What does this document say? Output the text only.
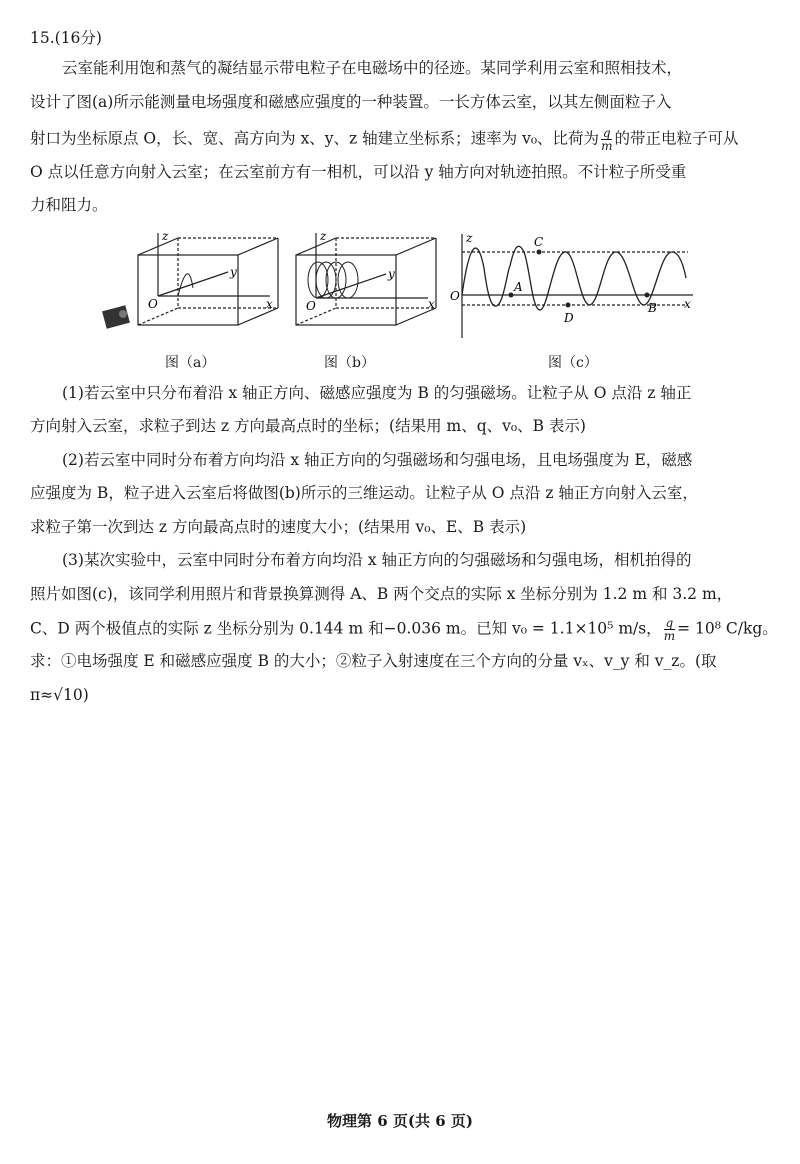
15.(16分)
云室能利用饱和蒸气的凝结显示带电粒子在电磁场中的径迹。某同学利用云室和照相技术，
设计了图(a)所示能测量电场强度和磁感应强度的一种装置。一长方体云室，以其左侧面粒子入
射口为坐标原点 O，长、宽、高方向为 x、y、z 轴建立坐标系；速率为 v₀、比荷为 $\frac{q}{m}$ 的带正电粒子可从
O 点以任意方向射入云室；在云室前方有一相机，可以沿 y 轴方向对轨迹拍照。不计粒子所受重
力和阻力。
z
y
x
O
图（a）
z
y
x
O
图（b）
z
x
O
C
D
A
B
图（c）
(1)若云室中只分布着沿 x 轴正方向、磁感应强度为 B 的匀强磁场。让粒子从 O 点沿 z 轴正
方向射入云室，求粒子到达 z 方向最高点时的坐标；(结果用 m、q、v₀、B 表示)
(2)若云室中同时分布着方向均沿 x 轴正方向的匀强磁场和匀强电场，且电场强度为 E，磁感
应强度为 B，粒子进入云室后将做图(b)所示的三维运动。让粒子从 O 点沿 z 轴正方向射入云室，
求粒子第一次到达 z 方向最高点时的速度大小；(结果用 v₀、E、B 表示)
(3)某次实验中，云室中同时分布着方向均沿 x 轴正方向的匀强磁场和匀强电场，相机拍得的
照片如图(c)，该同学利用照片和背景换算测得 A、B 两个交点的实际 x 坐标分别为 1.2 m 和 3.2 m，
C、D 两个极值点的实际 z 坐标分别为 0.144 m 和−0.036 m。已知 v₀ = 1.1×10⁵ m/s， $\frac{q}{m} = 10^8$ C/kg。
求：①电场强度 E 和磁感应强度 B 的大小；②粒子入射速度在三个方向的分量 vₓ、v_y 和 v_z。(取
π≈√10)
物理第 6 页(共 6 页)
